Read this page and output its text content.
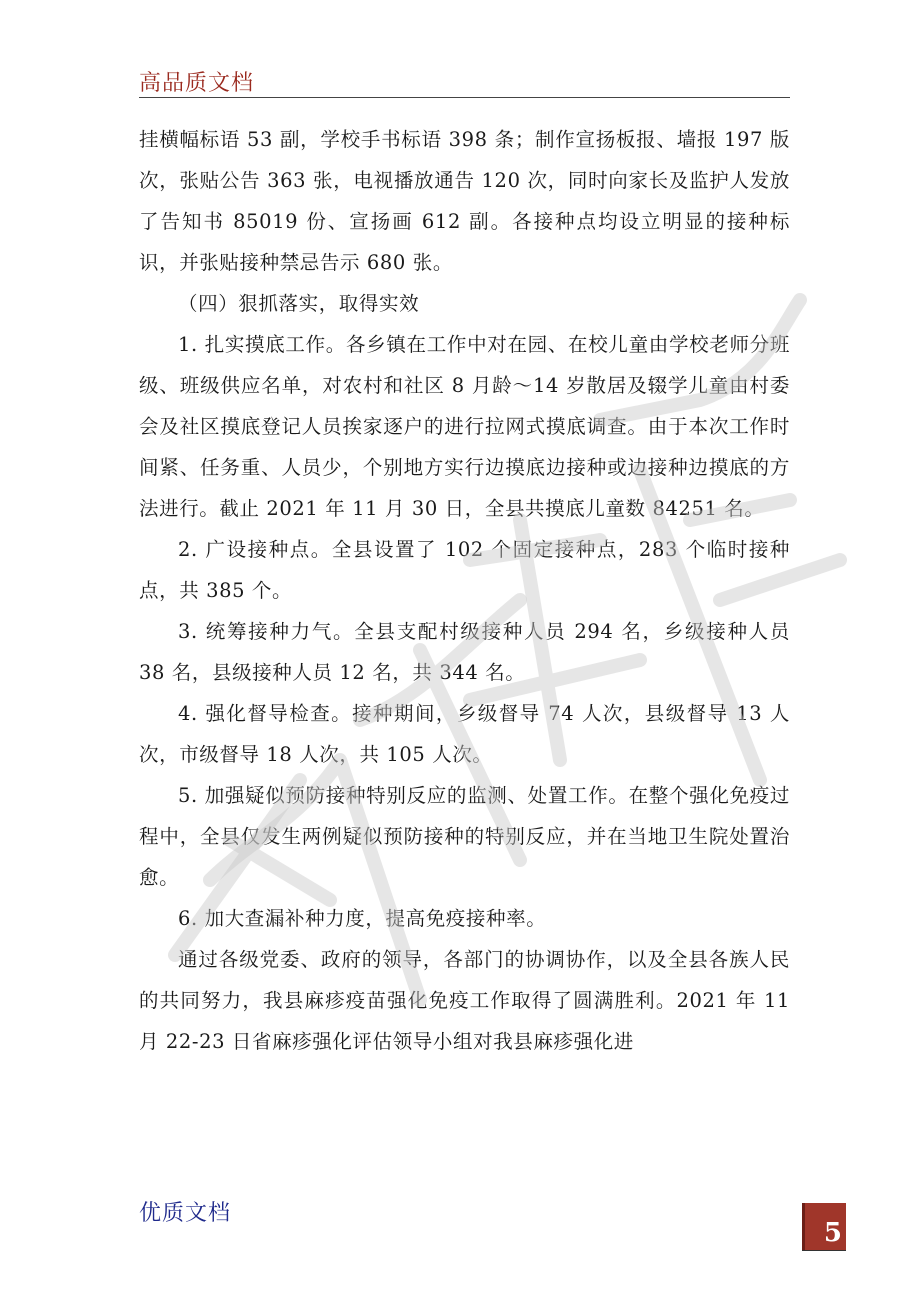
高品质文档

挂横幅标语 53 副，学校手书标语 398 条；制作宣扬板报、墙报 197 版次，张贴公告 363 张，电视播放通告 120 次，同时向家长及监护人发放了告知书 85019 份、宣扬画 612 副。各接种点均设立明显的接种标识，并张贴接种禁忌告示 680 张。

（四）狠抓落实，取得实效

1. 扎实摸底工作。各乡镇在工作中对在园、在校儿童由学校老师分班级、班级供应名单，对农村和社区 8 月龄～14 岁散居及辍学儿童由村委会及社区摸底登记人员挨家逐户的进行拉网式摸底调查。由于本次工作时间紧、任务重、人员少，个别地方实行边摸底边接种或边接种边摸底的方法进行。截止 2021 年 11 月 30 日，全县共摸底儿童数 84251 名。

2. 广设接种点。全县设置了 102 个固定接种点，283 个临时接种点，共 385 个。

3. 统筹接种力气。全县支配村级接种人员 294 名，乡级接种人员 38 名，县级接种人员 12 名，共 344 名。

4. 强化督导检查。接种期间，乡级督导 74 人次，县级督导 13 人次，市级督导 18 人次，共 105 人次。

5. 加强疑似预防接种特别反应的监测、处置工作。在整个强化免疫过程中，全县仅发生两例疑似预防接种的特别反应，并在当地卫生院处置治愈。

6. 加大查漏补种力度，提高免疫接种率。

通过各级党委、政府的领导，各部门的协调协作，以及全县各族人民的共同努力，我县麻疹疫苗强化免疫工作取得了圆满胜利。2021 年 11 月 22-23 日省麻疹强化评估领导小组对我县麻疹强化进

优质文档
5
